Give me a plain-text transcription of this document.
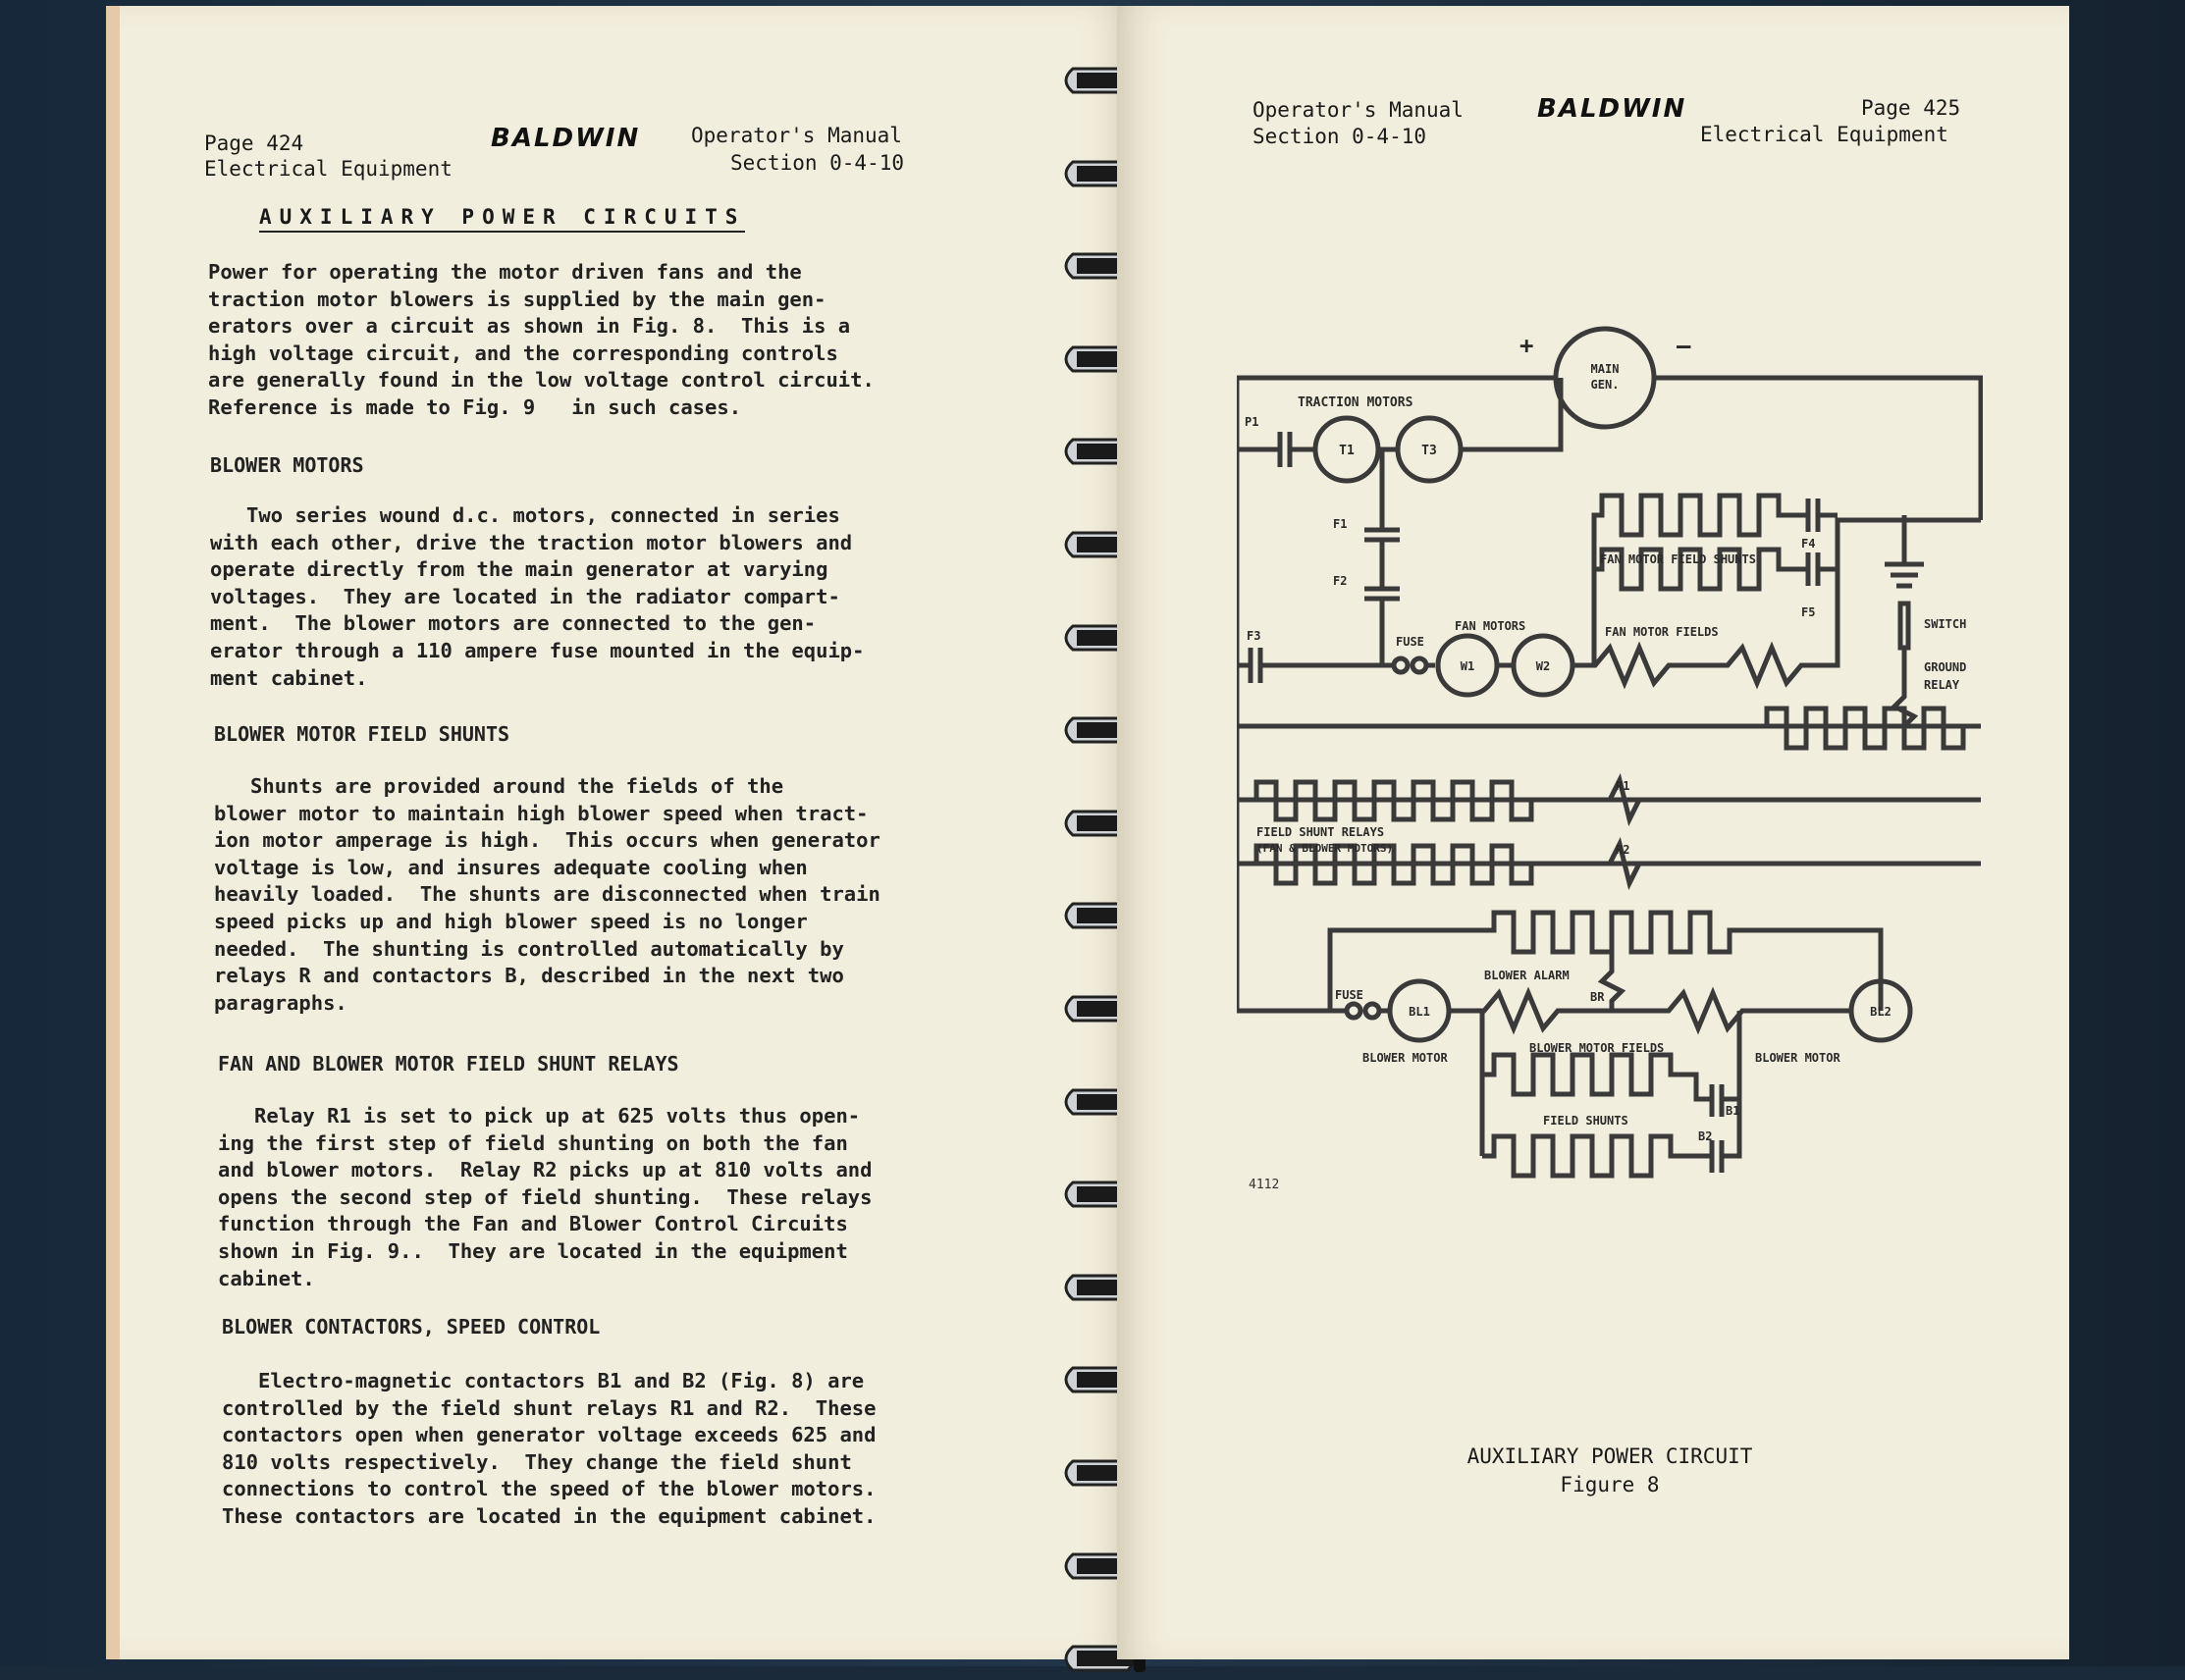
Page 424
Electrical Equipment
BALDWIN Operator's Manual
Section 0-4-10
AUXILIARY POWER CIRCUITS
Power for operating the motor driven fans and the
traction motor blowers is supplied by the main gen-
erators over a circuit as shown in Fig. 8.  This is a
high voltage circuit, and the corresponding controls
are generally found in the low voltage control circuit.
Reference is made to Fig. 9   in such cases.
BLOWER MOTORS
Two series wound d.c. motors, connected in series
with each other, drive the traction motor blowers and
operate directly from the main generator at varying
voltages.  They are located in the radiator compart-
ment.  The blower motors are connected to the gen-
erator through a 110 ampere fuse mounted in the equip-
ment cabinet.
BLOWER MOTOR FIELD SHUNTS
Shunts are provided around the fields of the
blower motor to maintain high blower speed when tract-
ion motor amperage is high.  This occurs when generator
voltage is low, and insures adequate cooling when
heavily loaded.  The shunts are disconnected when train
speed picks up and high blower speed is no longer
needed.  The shunting is controlled automatically by
relays R and contactors B, described in the next two
paragraphs.
FAN AND BLOWER MOTOR FIELD SHUNT RELAYS
Relay R1 is set to pick up at 625 volts thus open-
ing the first step of field shunting on both the fan
and blower motors.  Relay R2 picks up at 810 volts and
opens the second step of field shunting.  These relays
function through the Fan and Blower Control Circuits
shown in Fig. 9..  They are located in the equipment
cabinet.
BLOWER CONTACTORS, SPEED CONTROL
Electro-magnetic contactors B1 and B2 (Fig. 8) are
controlled by the field shunt relays R1 and R2.  These
contactors open when generator voltage exceeds 625 and
810 volts respectively.  They change the field shunt
connections to control the speed of the blower motors.
These contactors are located in the equipment cabinet.
Operator's Manual
Section 0-4-10
BALDWIN	Page 425
Electrical Equipment
+	–
MAIN
GEN.
TRACTION MOTORS
P1
T1	T3
F1
F2
F3
F4
F5
FAN MOTOR FIELD SHUNTS
FAN MOTOR FIELDS
FAN MOTORS
FUSE
W1	W2
SWITCH
GROUND
RELAY
R1
R2
FIELD SHUNT RELAYS
(FAN & BLOWER MOTORS)
BLOWER ALARM
BR
FUSE
BL1	BL2
BLOWER MOTOR FIELDS
BLOWER MOTOR	BLOWER MOTOR
FIELD SHUNTS
B1
B2
4112
AUXILIARY POWER CIRCUIT
Figure 8
